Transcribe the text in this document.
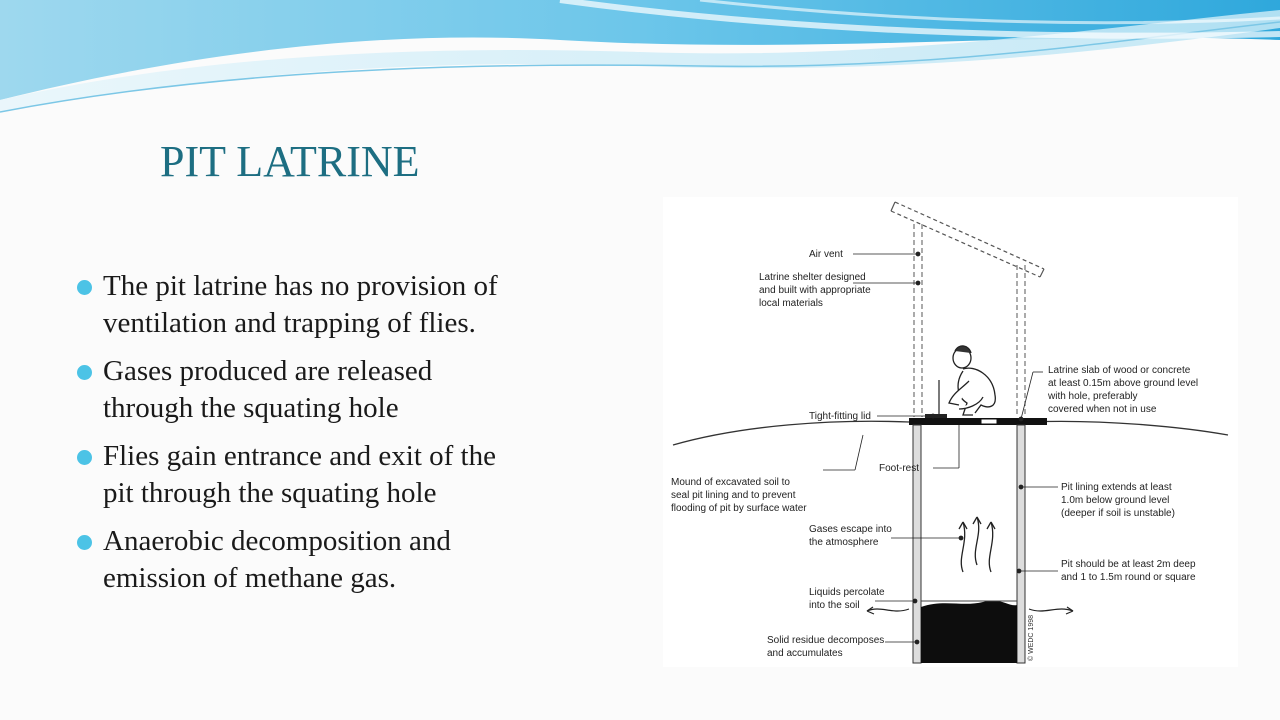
PIT LATRINE
The pit latrine has no provision of
ventilation and trapping of flies.
Gases produced are released
through the squating hole
Flies gain entrance and exit of the
pit through the squating hole
Anaerobic decomposition and
emission of methane gas.
Air vent
Latrine shelter designed
and built with appropriate
local materials
Tight-fitting lid
Latrine slab of wood or concrete
at least 0.15m above ground level
with hole, preferably
covered when not in use
Foot-rest
Mound of excavated soil to
seal pit lining and to prevent
flooding of pit by surface water
Pit lining extends at least
1.0m below ground level
(deeper if soil is unstable)
Gases escape into
the atmosphere
Pit should be at least 2m deep
and 1 to 1.5m round or square
Liquids percolate
into the soil
Solid residue decomposes
and accumulates	© WEDC 1998
